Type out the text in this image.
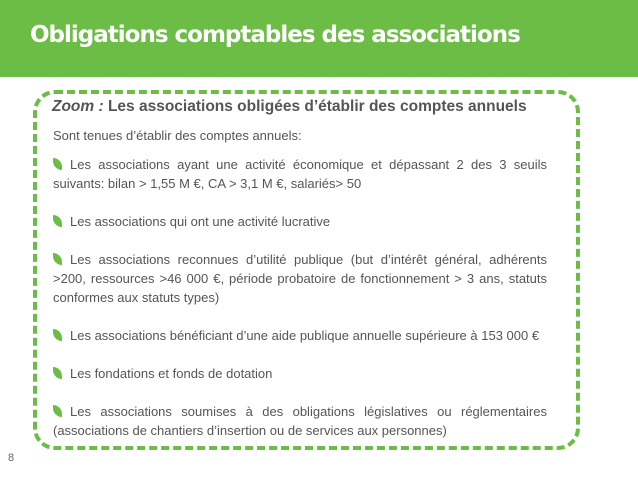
Obligations comptables des associations
Zoom : Les associations obligées d’établir des comptes annuels
Sont tenues d’établir des comptes annuels:
Les associations ayant une activité économique et dépassant 2 des 3 seuils suivants: bilan > 1,55 M €, CA > 3,1 M €, salariés> 50
Les associations qui ont une activité lucrative
Les associations reconnues d’utilité publique (but d’intérêt général, adhérents >200, ressources >46 000 €, période probatoire de fonctionnement > 3 ans, statuts conformes aux statuts types)
Les associations bénéficiant d’une aide publique annuelle supérieure à 153 000 €
Les fondations et fonds de dotation
Les associations soumises à des obligations législatives ou réglementaires (associations de chantiers d’insertion ou de services aux personnes)
8
